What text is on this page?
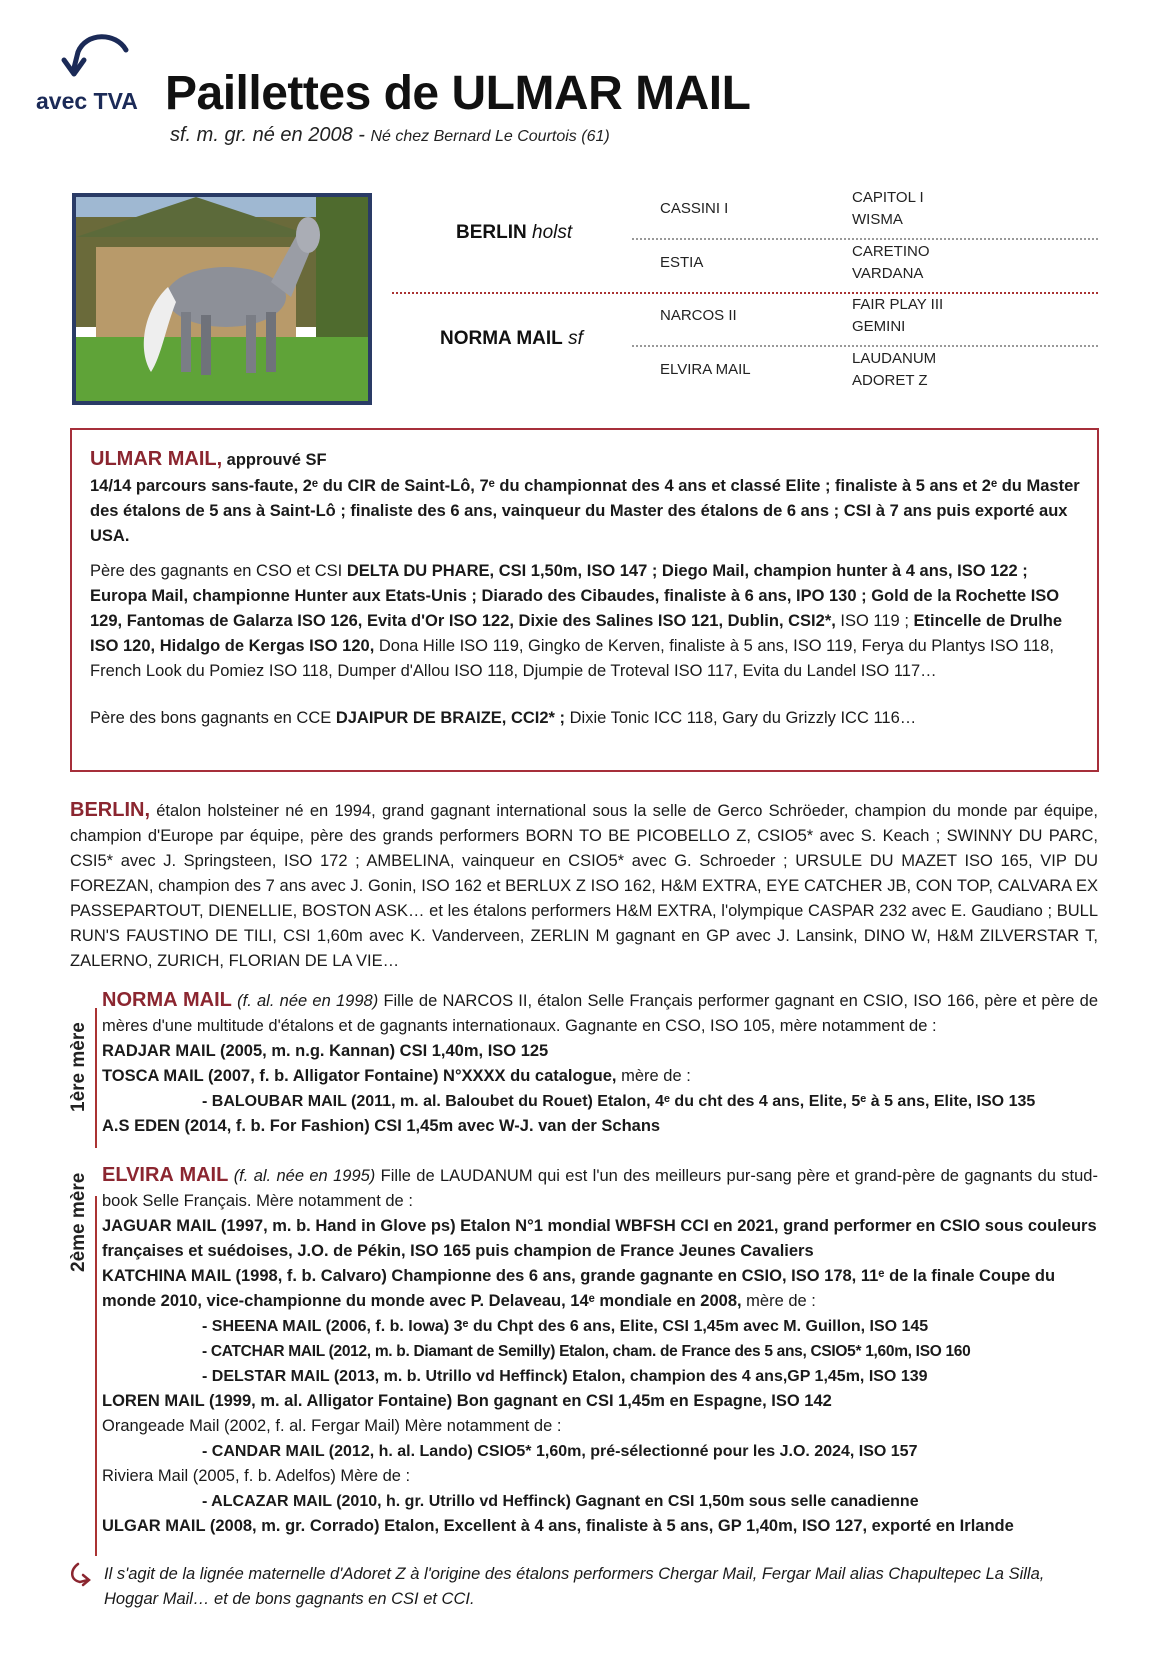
avec TVA Paillettes de ULMAR MAIL
sf. m. gr. né en 2008 - Né chez Bernard Le Courtois (61)
BERLIN holst
NORMA MAIL sf
CASSINI I
ESTIA
NARCOS II
ELVIRA MAIL
CAPITOL I
WISMA
CARETINO
VARDANA
FAIR PLAY III
GEMINI
LAUDANUM
ADORET Z
ULMAR MAIL, approuvé SF
14/14 parcours sans-faute, 2ᵉ du CIR de Saint-Lô, 7ᵉ du championnat des 4 ans et classé Elite ; finaliste à 5 ans et 2ᵉ du Master des étalons de 5 ans à Saint-Lô ; finaliste des 6 ans, vainqueur du Master des étalons de 6 ans ; CSI à 7 ans puis exporté aux USA.
Père des gagnants en CSO et CSI DELTA DU PHARE, CSI 1,50m, ISO 147 ; Diego Mail, champion hunter à 4 ans, ISO 122 ; Europa Mail, championne Hunter aux Etats-Unis ; Diarado des Cibaudes, finaliste à 6 ans, IPO 130 ; Gold de la Rochette ISO 129, Fantomas de Galarza ISO 126, Evita d'Or ISO 122, Dixie des Salines ISO 121, Dublin, CSI2*, ISO 119 ; Etincelle de Drulhe ISO 120, Hidalgo de Kergas ISO 120, Dona Hille ISO 119, Gingko de Kerven, finaliste à 5 ans, ISO 119, Ferya du Plantys ISO 118, French Look du Pomiez ISO 118, Dumper d'Allou ISO 118, Djumpie de Troteval ISO 117, Evita du Landel ISO 117…
Père des bons gagnants en CCE DJAIPUR DE BRAIZE, CCI2* ; Dixie Tonic ICC 118, Gary du Grizzly ICC 116…
BERLIN, étalon holsteiner né en 1994, grand gagnant international sous la selle de Gerco Schröeder, champion du monde par équipe, champion d'Europe par équipe, père des grands performers BORN TO BE PICOBELLO Z, CSIO5* avec S. Keach ; SWINNY DU PARC, CSI5* avec J. Springsteen, ISO 172 ; AMBELINA, vainqueur en CSIO5* avec G. Schroeder ; URSULE DU MAZET ISO 165, VIP DU FOREZAN, champion des 7 ans avec J. Gonin, ISO 162 et BERLUX Z ISO 162, H&M EXTRA, EYE CATCHER JB, CON TOP, CALVARA EX PASSEPARTOUT, DIENELLIE, BOSTON ASK… et les étalons performers H&M EXTRA, l'olympique CASPAR 232 avec E. Gaudiano ; BULL RUN'S FAUSTINO DE TILI, CSI 1,60m avec K. Vanderveen, ZERLIN M gagnant en GP avec J. Lansink, DINO W, H&M ZILVERSTAR T, ZALERNO, ZURICH, FLORIAN DE LA VIE…
1ère mère
NORMA MAIL (f. al. née en 1998) Fille de NARCOS II, étalon Selle Français performer gagnant en CSIO, ISO 166, père et père de mères d'une multitude d'étalons et de gagnants internationaux. Gagnante en CSO, ISO 105, mère notamment de :
RADJAR MAIL (2005, m. n.g. Kannan) CSI 1,40m, ISO 125
TOSCA MAIL (2007, f. b. Alligator Fontaine) N°XXXX du catalogue, mère de :
- BALOUBAR MAIL (2011, m. al. Baloubet du Rouet) Etalon, 4ᵉ du cht des 4 ans, Elite, 5ᵉ à 5 ans, Elite, ISO 135
A.S EDEN (2014, f. b. For Fashion) CSI 1,45m avec W-J. van der Schans
2ème mère ELVIRA MAIL (f. al. née en 1995) Fille de LAUDANUM qui est l'un des meilleurs pur-sang père et grand-père de gagnants du stud-book Selle Français. Mère notamment de :
JAGUAR MAIL (1997, m. b. Hand in Glove ps) Etalon N°1 mondial WBFSH CCI en 2021, grand performer en CSIO sous couleurs françaises et suédoises, J.O. de Pékin, ISO 165 puis champion de France Jeunes Cavaliers
KATCHINA MAIL (1998, f. b. Calvaro) Championne des 6 ans, grande gagnante en CSIO, ISO 178, 11ᵉ de la finale Coupe du monde 2010, vice-championne du monde avec P. Delaveau, 14ᵉ mondiale en 2008, mère de :
- SHEENA MAIL (2006, f. b. Iowa) 3ᵉ du Chpt des 6 ans, Elite, CSI 1,45m avec M. Guillon, ISO 145
- CATCHAR MAIL (2012, m. b. Diamant de Semilly) Etalon, cham. de France des 5 ans, CSIO5* 1,60m, ISO 160
- DELSTAR MAIL (2013, m. b. Utrillo vd Heffinck) Etalon, champion des 4 ans,GP 1,45m, ISO 139
LOREN MAIL (1999, m. al. Alligator Fontaine) Bon gagnant en CSI 1,45m en Espagne, ISO 142
Orangeade Mail (2002, f. al. Fergar Mail) Mère notamment de :
- CANDAR MAIL (2012, h. al. Lando) CSIO5* 1,60m, pré-sélectionné pour les J.O. 2024, ISO 157
Riviera Mail (2005, f. b. Adelfos) Mère de :
- ALCAZAR MAIL (2010, h. gr. Utrillo vd Heffinck) Gagnant en CSI 1,50m sous selle canadienne
ULGAR MAIL (2008, m. gr. Corrado) Etalon, Excellent à 4 ans, finaliste à 5 ans, GP 1,40m, ISO 127, exporté en Irlande
Il s'agit de la lignée maternelle d'Adoret Z à l'origine des étalons performers Chergar Mail, Fergar Mail alias Chapultepec La Silla, Hoggar Mail… et de bons gagnants en CSI et CCI.
